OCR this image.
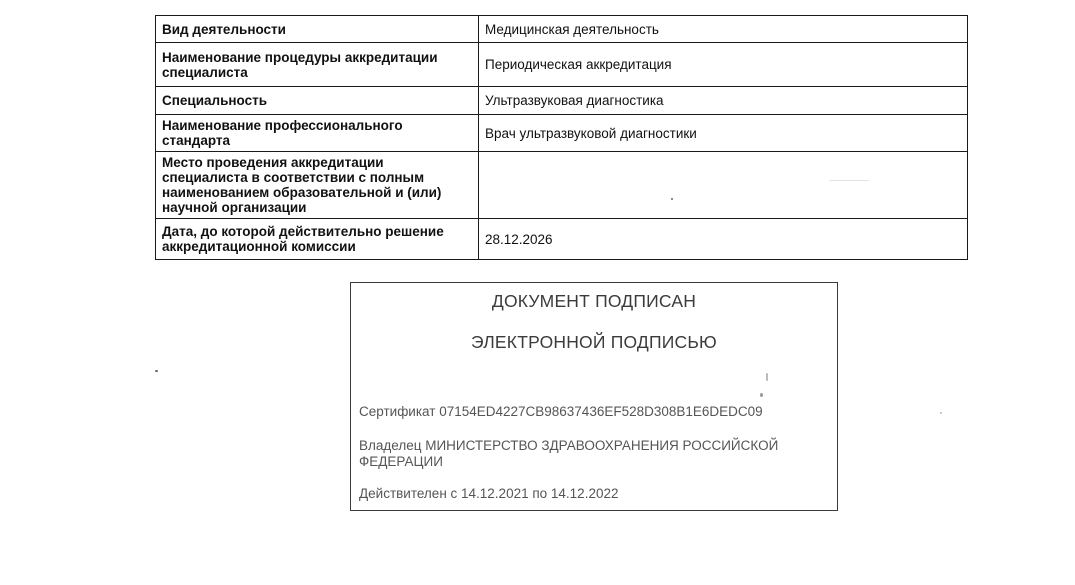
Вид деятельности	Медицинская деятельность
Наименование процедуры аккредитации специалиста	Периодическая аккредитация
Специальность	Ультразвуковая диагностика
Наименование профессионального стандарта	Врач ультразвуковой диагностики
Место проведения аккредитации специалиста в соответствии с полным наименованием образовательной и (или) научной организации	
Дата, до которой действительно решение аккредитационной комиссии	28.12.2026
ДОКУМЕНТ ПОДПИСАН
ЭЛЕКТРОННОЙ ПОДПИСЬЮ
Сертификат 07154ED4227CB98637436EF528D308B1E6DEDC09
Владелец МИНИСТЕРСТВО ЗДРАВООХРАНЕНИЯ РОССИЙСКОЙ ФЕДЕРАЦИИ
Действителен с 14.12.2021 по 14.12.2022
